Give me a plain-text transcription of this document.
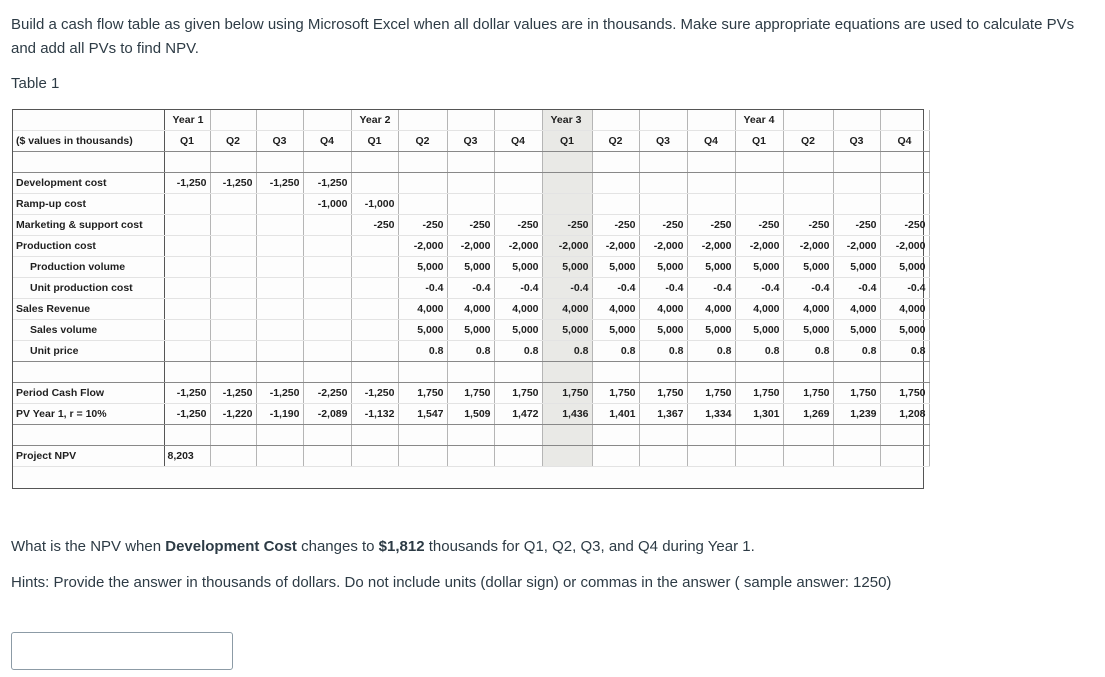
Build a cash flow table as given below using Microsoft Excel when all dollar values are in thousands. Make sure appropriate equations are used to calculate PVs and add all PVs to find NPV.
Table 1
	Year 1				Year 2				Year 3				Year 4			
($ values in thousands)	Q1	Q2	Q3	Q4	Q1	Q2	Q3	Q4	Q1	Q2	Q3	Q4	Q1	Q2	Q3	Q4

Development cost	-1,250	-1,250	-1,250	-1,250												
Ramp-up cost				-1,000	-1,000											
Marketing & support cost					-250	-250	-250	-250	-250	-250	-250	-250	-250	-250	-250	-250
Production cost						-2,000	-2,000	-2,000	-2,000	-2,000	-2,000	-2,000	-2,000	-2,000	-2,000	-2,000
Production volume						5,000	5,000	5,000	5,000	5,000	5,000	5,000	5,000	5,000	5,000	5,000
Unit production cost						-0.4	-0.4	-0.4	-0.4	-0.4	-0.4	-0.4	-0.4	-0.4	-0.4	-0.4
Sales Revenue						4,000	4,000	4,000	4,000	4,000	4,000	4,000	4,000	4,000	4,000	4,000
Sales volume						5,000	5,000	5,000	5,000	5,000	5,000	5,000	5,000	5,000	5,000	5,000
Unit price						0.8	0.8	0.8	0.8	0.8	0.8	0.8	0.8	0.8	0.8	0.8

Period Cash Flow	-1,250	-1,250	-1,250	-2,250	-1,250	1,750	1,750	1,750	1,750	1,750	1,750	1,750	1,750	1,750	1,750	1,750
PV Year 1, r = 10%	-1,250	-1,220	-1,190	-2,089	-1,132	1,547	1,509	1,472	1,436	1,401	1,367	1,334	1,301	1,269	1,239	1,208

Project NPV	8,203															
What is the NPV when Development Cost changes to $1,812 thousands for Q1, Q2, Q3, and Q4 during Year 1.
Hints: Provide the answer in thousands of dollars. Do not include units (dollar sign) or commas in the answer ( sample answer: 1250)
